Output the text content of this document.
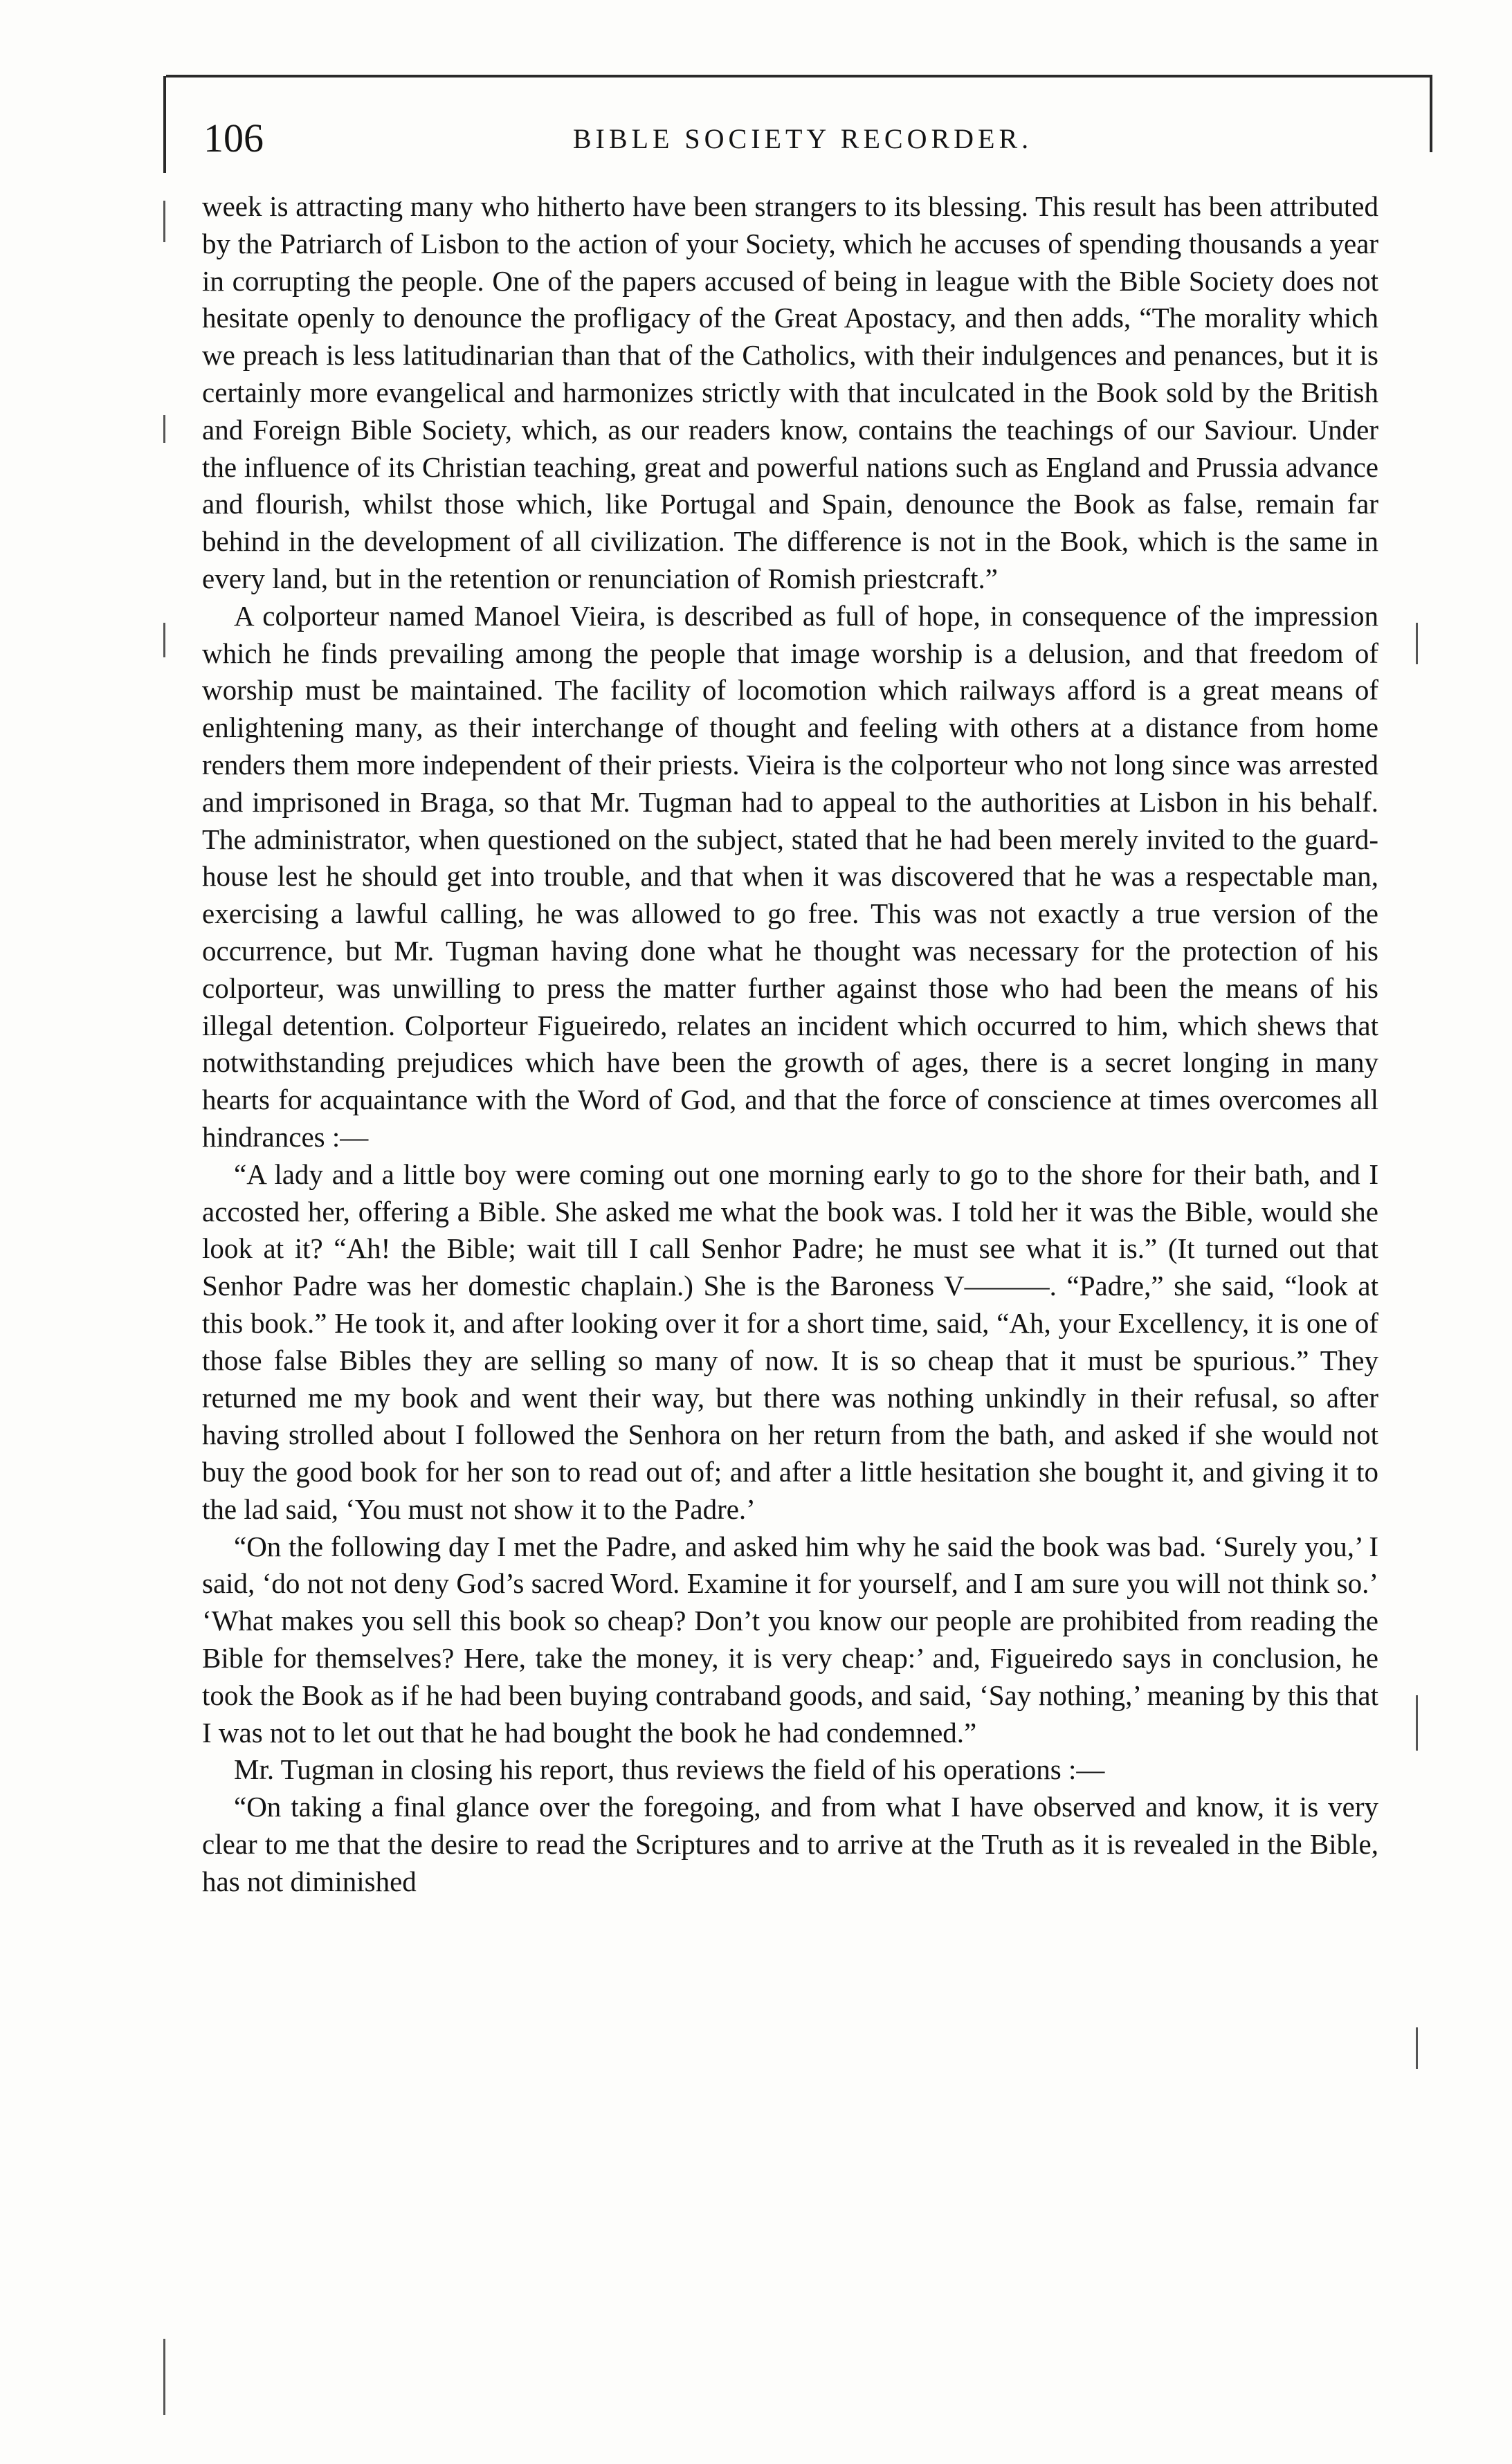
106	BIBLE SOCIETY RECORDER.

week is attracting many who hitherto have been strangers to its blessing. This result has been attributed by the Patriarch of Lisbon to the action of your Society, which he accuses of spending thousands a year in corrupting the people. One of the papers accused of being in league with the Bible Society does not hesitate openly to denounce the profligacy of the Great Apostacy, and then adds, “The morality which we preach is less latitudinarian than that of the Catholics, with their indulgences and penances, but it is certainly more evangelical and harmonizes strictly with that inculcated in the Book sold by the British and Foreign Bible Society, which, as our readers know, contains the teachings of our Saviour. Under the influence of its Christian teaching, great and powerful nations such as England and Prussia advance and flourish, whilst those which, like Portugal and Spain, denounce the Book as false, remain far behind in the development of all civilization. The difference is not in the Book, which is the same in every land, but in the retention or renunciation of Romish priestcraft.”

A colporteur named Manoel Vieira, is described as full of hope, in consequence of the impression which he finds prevailing among the people that image worship is a delusion, and that freedom of worship must be maintained. The facility of locomotion which railways afford is a great means of enlightening many, as their interchange of thought and feeling with others at a distance from home renders them more independent of their priests. Vieira is the colporteur who not long since was arrested and imprisoned in Braga, so that Mr. Tugman had to appeal to the authorities at Lisbon in his behalf. The administrator, when questioned on the subject, stated that he had been merely invited to the guard-house lest he should get into trouble, and that when it was discovered that he was a respectable man, exercising a lawful calling, he was allowed to go free. This was not exactly a true version of the occurrence, but Mr. Tugman having done what he thought was necessary for the protection of his colporteur, was unwilling to press the matter further against those who had been the means of his illegal detention. Colporteur Figueiredo, relates an incident which occurred to him, which shews that notwithstanding prejudices which have been the growth of ages, there is a secret longing in many hearts for acquaintance with the Word of God, and that the force of conscience at times overcomes all hindrances :—

“A lady and a little boy were coming out one morning early to go to the shore for their bath, and I accosted her, offering a Bible. She asked me what the book was. I told her it was the Bible, would she look at it? “Ah! the Bible; wait till I call Senhor Padre; he must see what it is.” (It turned out that Senhor Padre was her domestic chaplain.) She is the Baroness V———. “Padre,” she said, “look at this book.” He took it, and after looking over it for a short time, said, “Ah, your Excellency, it is one of those false Bibles they are selling so many of now. It is so cheap that it must be spurious.” They returned me my book and went their way, but there was nothing unkindly in their refusal, so after having strolled about I followed the Senhora on her return from the bath, and asked if she would not buy the good book for her son to read out of; and after a little hesitation she bought it, and giving it to the lad said, ‘You must not show it to the Padre.’

“On the following day I met the Padre, and asked him why he said the book was bad. ‘Surely you,’ I said, ‘do not not deny God’s sacred Word. Examine it for yourself, and I am sure you will not think so.’ ‘What makes you sell this book so cheap? Don’t you know our people are prohibited from reading the Bible for themselves? Here, take the money, it is very cheap:’ and, Figueiredo says in conclusion, he took the Book as if he had been buying contraband goods, and said, ‘Say nothing,’ meaning by this that I was not to let out that he had bought the book he had condemned.”

Mr. Tugman in closing his report, thus reviews the field of his operations :—

“On taking a final glance over the foregoing, and from what I have observed and know, it is very clear to me that the desire to read the Scriptures and to arrive at the Truth as it is revealed in the Bible, has not diminished
